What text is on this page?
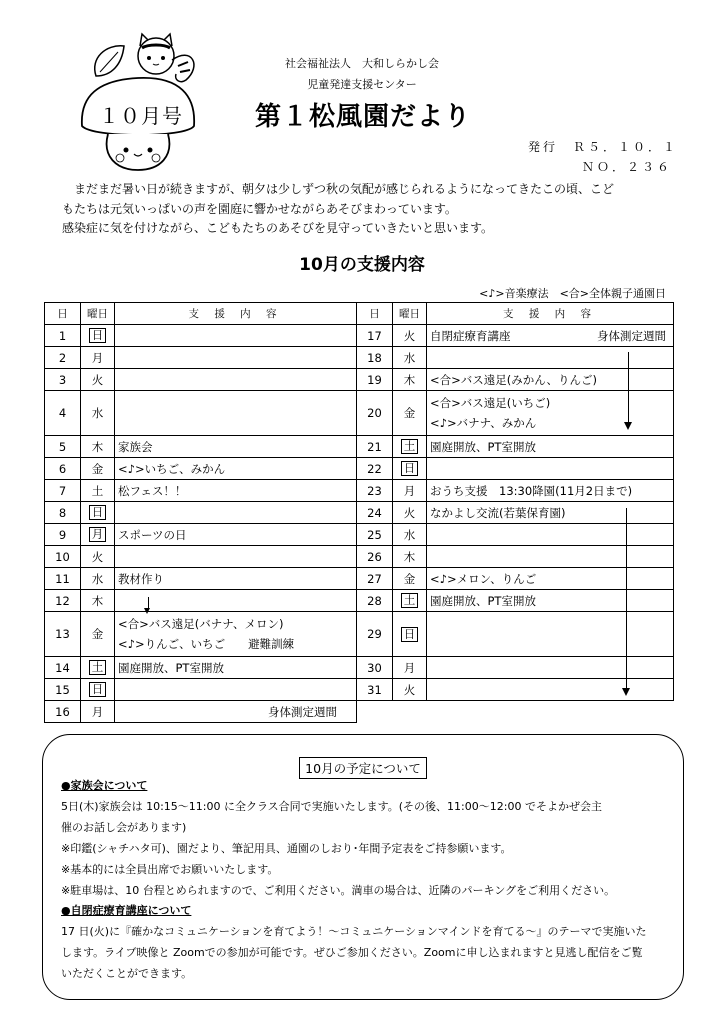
１０月号
社会福祉法人　大和しらかし会
児童発達支援センター
第１松風園だより
発行　Ｒ５．１０．１
ＮＯ．２３６

まだまだ暑い日が続きますが、朝夕は少しずつ秋の気配が感じられるようになってきたこの頃、こど

もたちは元気いっぱいの声を園庭に響かせながらあそびまわっています。

感染症に気を付けながら、こどもたちのあそびを見守っていきたいと思います。

10月の支援内容
<♪>音楽療法　<合>全体親子通園日
日	曜日	支 援 内 容	日	曜日	支 援 内 容
1	日		17	火	身体測定週間
自閉症療育講座
2	月		18	水	
3	火		19	木	<合>バス遠足(みかん、りんご)
4	水		20	金	<合>バス遠足(いちご)
<♪>バナナ、みかん

5	木	家族会	21	土	園庭開放、PT室開放
6	金	<♪>いちご、みかん	22	日	
7	土	松フェス！！	23	月	おうち支援　13:30降園(11月2日まで)
8	日		24	火	なかよし交流(若葉保育園)
9	月	スポーツの日	25	水	
10	火		26	木	
11	水	教材作り	27	金	<♪>メロン、りんご
12	木		28	土	園庭開放、PT室開放
13	金	<合>バス遠足(バナナ、メロン)
<♪>りんご、いちご　　避難訓練	29	日	
14	土	園庭開放、PT室開放	30	月	
15	日		31	火	
16	月	身体測定週間			

10月の予定について
●家族会について
5日(木)家族会は 10:15～11:00 に全クラス合同で実施いたします。(その後、11:00～12:00 でそよかぜ会主
催のお話し会があります)
※印鑑(シャチハタ可)、園だより、筆記用具、通園のしおり･年間予定表をご持参願います。
※基本的には全員出席でお願いいたします。
※駐車場は、10 台程とめられますので、ご利用ください。満車の場合は、近隣のパーキングをご利用ください。
●自閉症療育講座について
17 日(火)に『確かなコミュニケーションを育てよう！～コミュニケーションマインドを育てる～』のテーマで実施いた
します。ライブ映像と Zoomでの参加が可能です。ぜひご参加ください。Zoomに申し込まれますと見逃し配信をご覧
いただくことができます。
